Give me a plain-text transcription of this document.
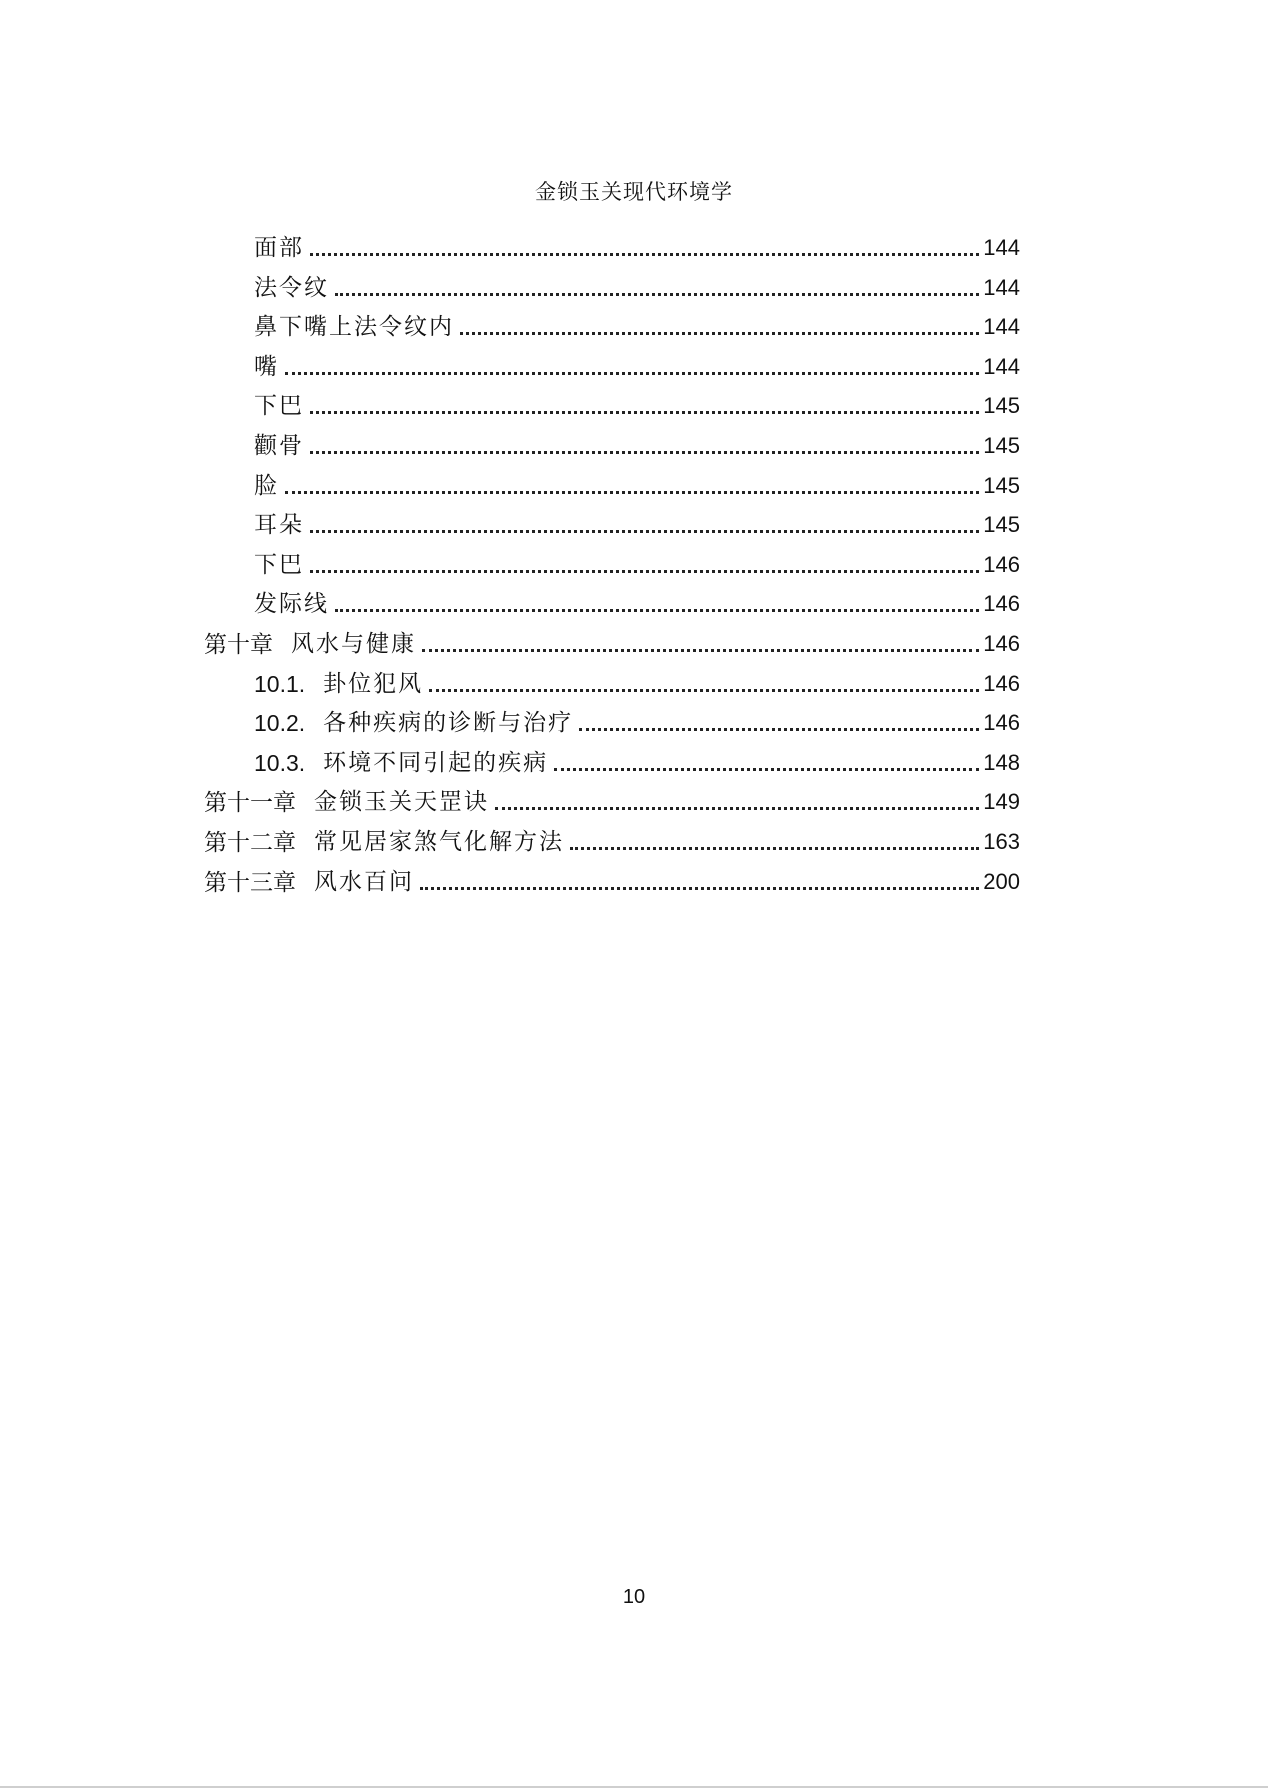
金锁玉关现代环境学
面部	144
法令纹	144
鼻下嘴上法令纹内	144
嘴	144
下巴	145
颧骨	145
脸	145
耳朵	145
下巴	146
发际线	146
第十章 风水与健康	146
10.1. 卦位犯风	146
10.2. 各种疾病的诊断与治疗	146
10.3. 环境不同引起的疾病	148
第十一章 金锁玉关天罡诀	149
第十二章 常见居家煞气化解方法	163
第十三章 风水百问	200
10
